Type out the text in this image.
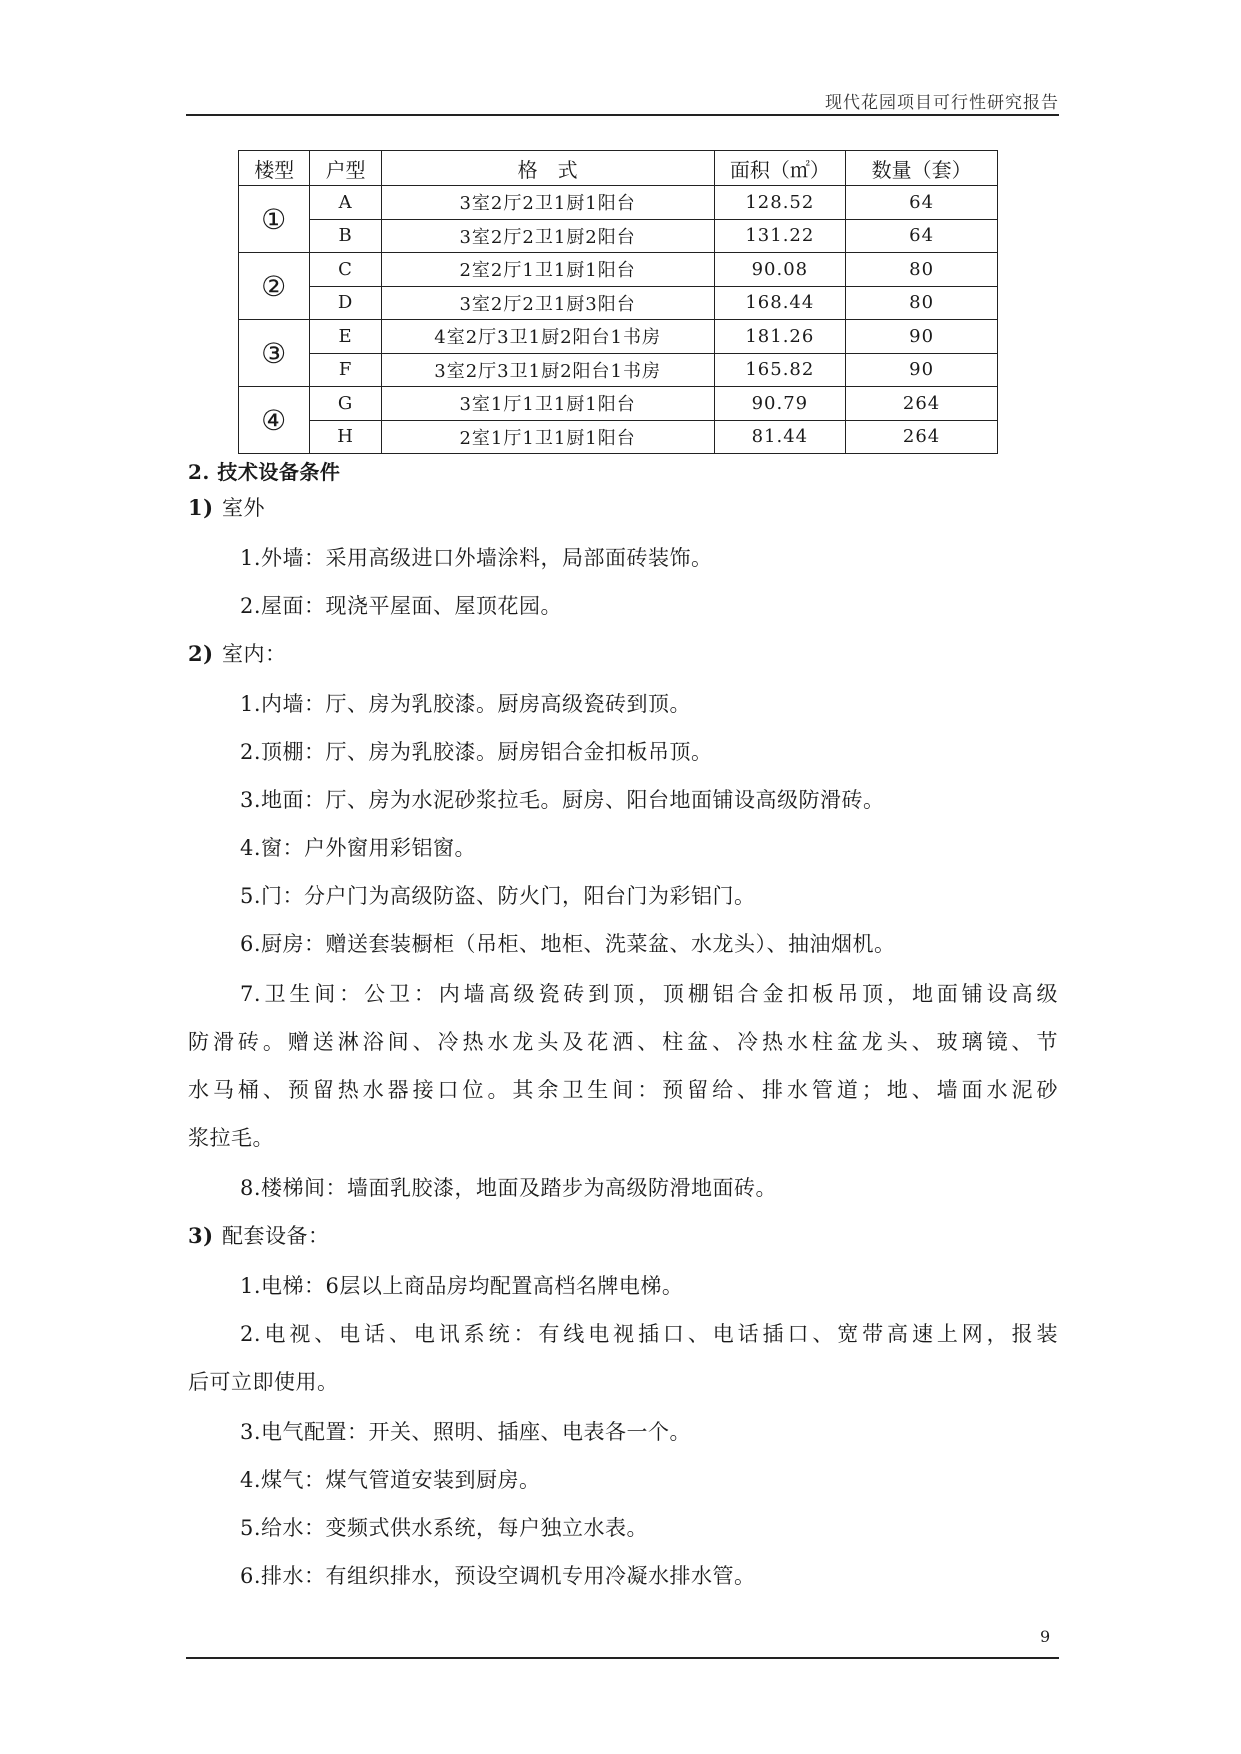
现代花园项目可行性研究报告
楼型	户型	格　式	面积（㎡）	数量（套）
①	A	3室2厅2卫1厨1阳台	128.52	64
	B	3室2厅2卫1厨2阳台	131.22	64
②	C	2室2厅1卫1厨1阳台	90.08	80
	D	3室2厅2卫1厨3阳台	168.44	80
③	E	4室2厅3卫1厨2阳台1书房	181.26	90
	F	3室2厅3卫1厨2阳台1书房	165.82	90
④	G	3室1厅1卫1厨1阳台	90.79	264
	H	2室1厅1卫1厨1阳台	81.44	264
2. 技术设备条件
1) 室外
1.外墙：采用高级进口外墙涂料，局部面砖装饰。
2.屋面：现浇平屋面、屋顶花园。
2) 室内：
1.内墙：厅、房为乳胶漆。厨房高级瓷砖到顶。
2.顶棚：厅、房为乳胶漆。厨房铝合金扣板吊顶。
3.地面：厅、房为水泥砂浆拉毛。厨房、阳台地面铺设高级防滑砖。
4.窗：户外窗用彩铝窗。
5.门：分户门为高级防盗、防火门，阳台门为彩铝门。
6.厨房：赠送套装橱柜（吊柜、地柜、洗菜盆、水龙头）、抽油烟机。
7.卫生间：公卫：内墙高级瓷砖到顶，顶棚铝合金扣板吊顶，地面铺设高级
防滑砖。赠送淋浴间、冷热水龙头及花洒、柱盆、冷热水柱盆龙头、玻璃镜、节
水马桶、预留热水器接口位。其余卫生间：预留给、排水管道；地、墙面水泥砂
浆拉毛。
8.楼梯间：墙面乳胶漆，地面及踏步为高级防滑地面砖。
3) 配套设备：
1.电梯：6层以上商品房均配置高档名牌电梯。
2.电视、电话、电讯系统：有线电视插口、电话插口、宽带高速上网，报装
后可立即使用。
3.电气配置：开关、照明、插座、电表各一个。
4.煤气：煤气管道安装到厨房。
5.给水：变频式供水系统，每户独立水表。
6.排水：有组织排水，预设空调机专用冷凝水排水管。
9
